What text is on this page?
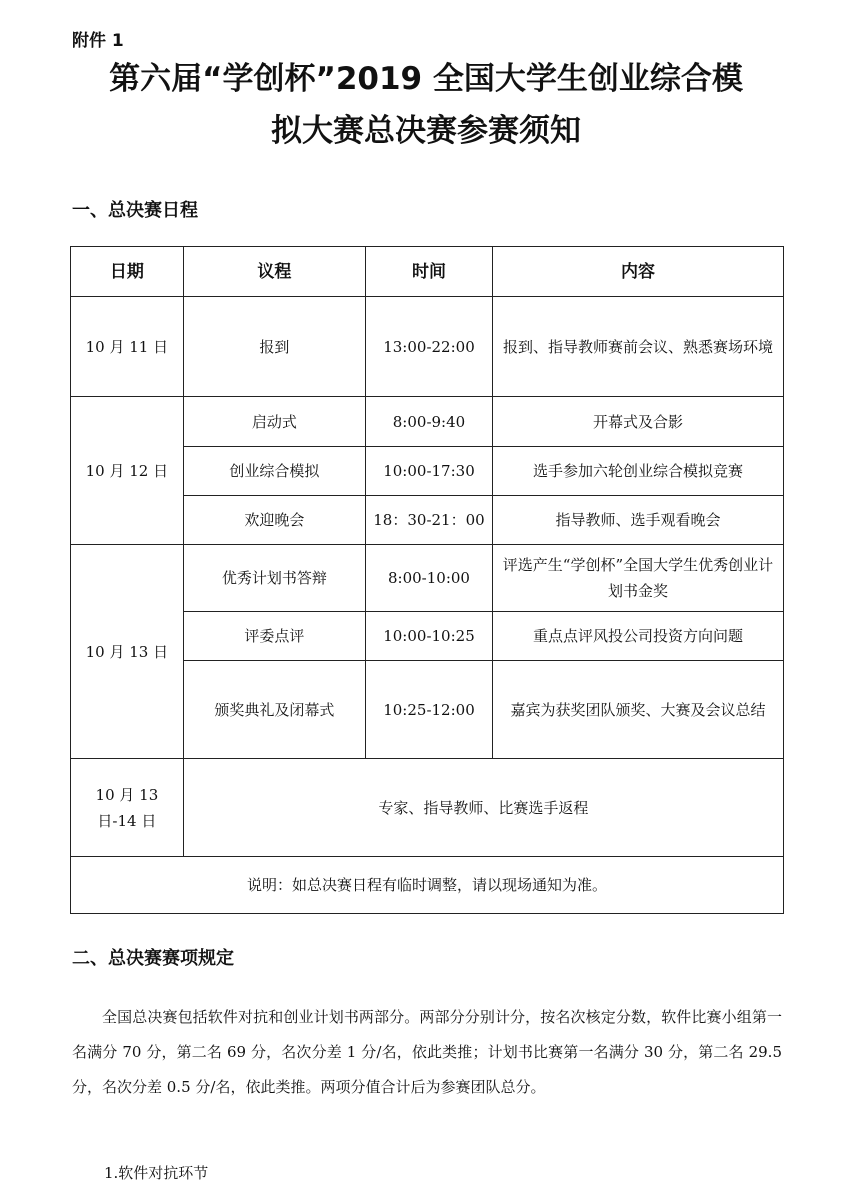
附件 1
第六届“学创杯”2019 全国大学生创业综合模
拟大赛总决赛参赛须知
一、总决赛日程
日期	议程	时间	内容
10 月 11 日	报到	13:00-22:00	报到、指导教师赛前会议、熟悉赛场环境
10 月 12 日	启动式	8:00-9:40	开幕式及合影
	创业综合模拟	10:00-17:30	选手参加六轮创业综合模拟竞赛
	欢迎晚会	18：30-21：00	指导教师、选手观看晚会
10 月 13 日	优秀计划书答辩	8:00-10:00	评选产生“学创杯”全国大学生优秀创业计划书金奖
	评委点评	10:00-10:25	重点点评风投公司投资方向问题
	颁奖典礼及闭幕式	10:25-12:00	嘉宾为获奖团队颁奖、大赛及会议总结
10 月 13 日-14 日	专家、指导教师、比赛选手返程		
说明：如总决赛日程有临时调整，请以现场通知为准。			
二、总决赛赛项规定
全国总决赛包括软件对抗和创业计划书两部分。两部分分别计分，按名次核定分数，软件比赛小组第一名满分 70 分，第二名 69 分，名次分差 1 分/名，依此类推；计划书比赛第一名满分 30 分，第二名 29.5 分，名次分差 0.5 分/名，依此类推。两项分值合计后为参赛团队总分。
1.软件对抗环节
